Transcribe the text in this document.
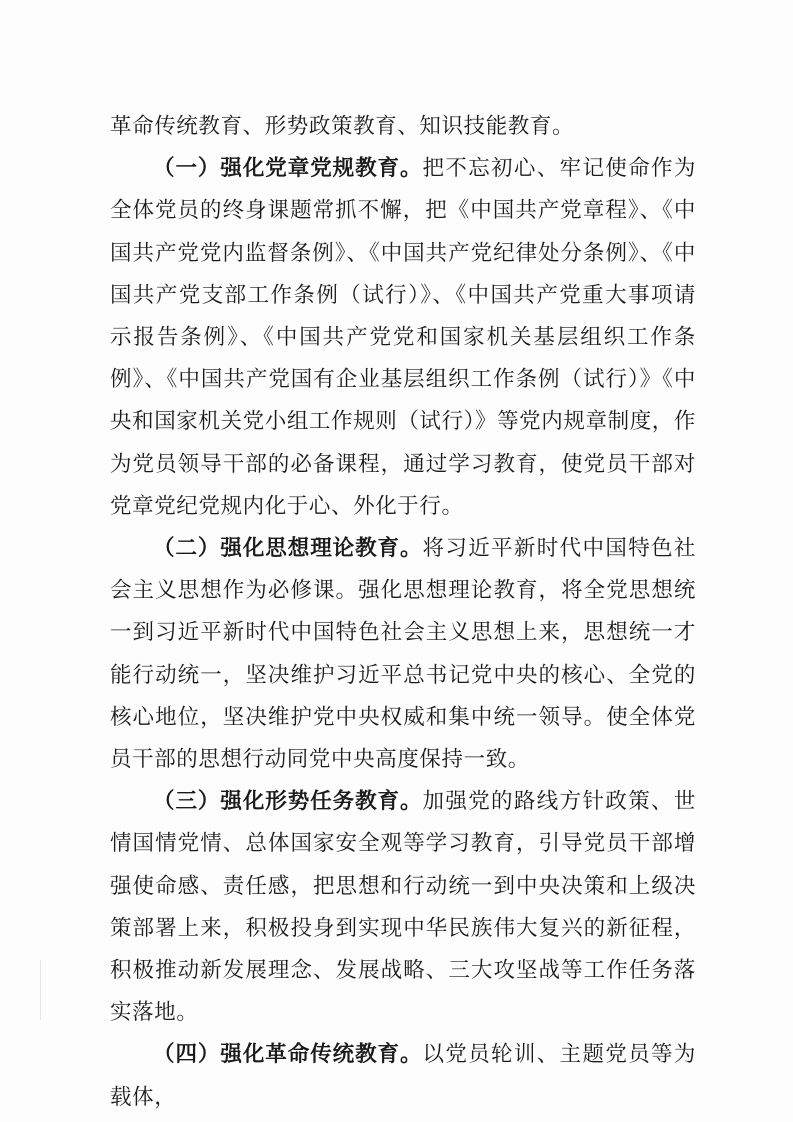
革命传统教育、形势政策教育、知识技能教育。

（一）强化党章党规教育。把不忘初心、牢记使命作为全体党员的终身课题常抓不懈，把《中国共产党章程》、《中国共产党党内监督条例》、《中国共产党纪律处分条例》、《中国共产党支部工作条例（试行）》、《中国共产党重大事项请示报告条例》、《中国共产党党和国家机关基层组织工作条例》、《中国共产党国有企业基层组织工作条例（试行）》《中央和国家机关党小组工作规则（试行）》等党内规章制度，作为党员领导干部的必备课程，通过学习教育，使党员干部对党章党纪党规内化于心、外化于行。

（二）强化思想理论教育。将习近平新时代中国特色社会主义思想作为必修课。强化思想理论教育，将全党思想统一到习近平新时代中国特色社会主义思想上来，思想统一才能行动统一，坚决维护习近平总书记党中央的核心、全党的核心地位，坚决维护党中央权威和集中统一领导。使全体党员干部的思想行动同党中央高度保持一致。

（三）强化形势任务教育。加强党的路线方针政策、世情国情党情、总体国家安全观等学习教育，引导党员干部增强使命感、责任感，把思想和行动统一到中央决策和上级决策部署上来，积极投身到实现中华民族伟大复兴的新征程，积极推动新发展理念、发展战略、三大攻坚战等工作任务落实落地。

（四）强化革命传统教育。以党员轮训、主题党员等为载体，
